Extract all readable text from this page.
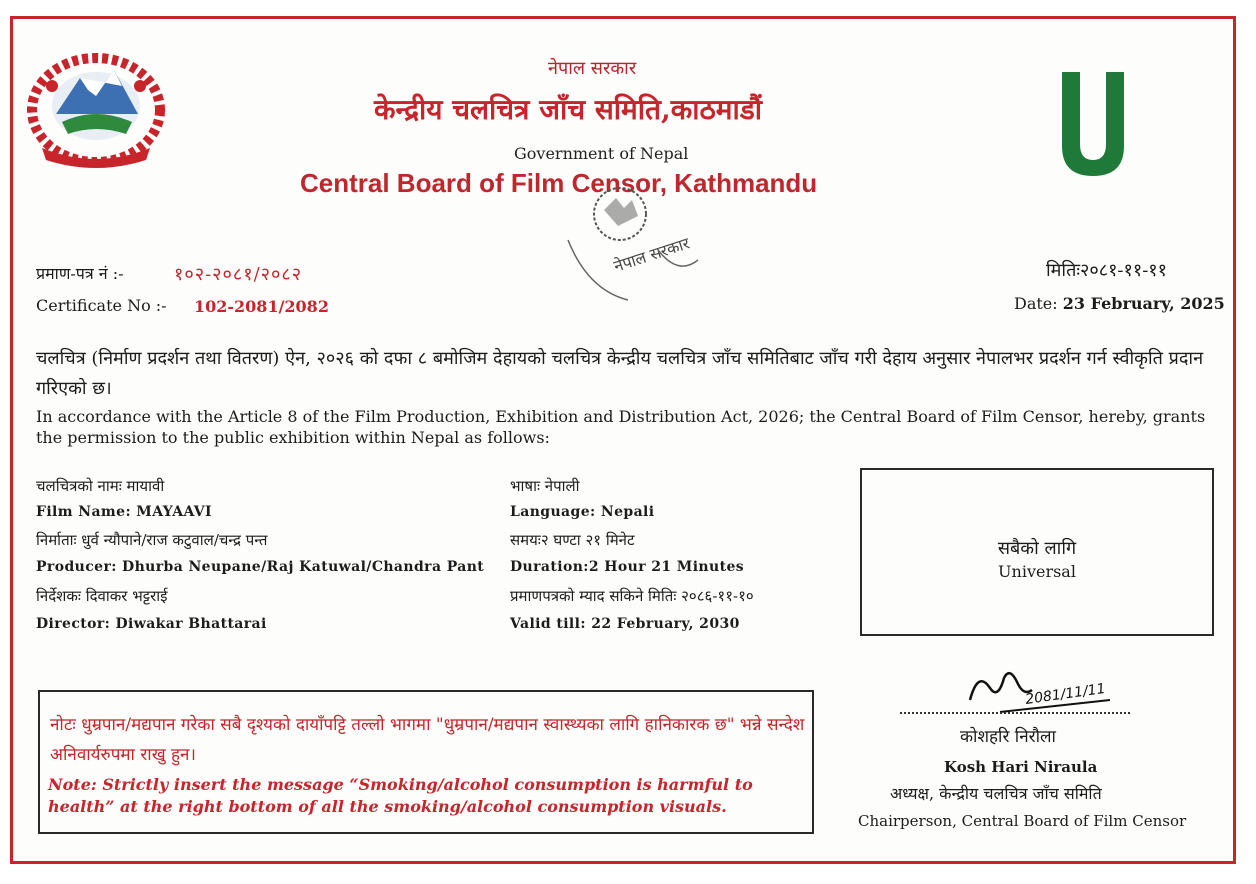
नेपाल सरकार
केन्द्रीय चलचित्र जाँच समिति,काठमाडौं
Government of Nepal
Central Board of Film Censor, Kathmandu
नेपाल सरकार
प्रमाण-पत्र नं :-	१०२-२०८१/२०८२
Certificate No :- 102-2081/2082
मितिः२०८१-११-११
Date: 23 February, 2025
चलचित्र (निर्माण प्रदर्शन तथा वितरण) ऐन, २०२६ को दफा ८ बमोजिम देहायको चलचित्र केन्द्रीय चलचित्र जाँच समितिबाट जाँच गरी देहाय अनुसार नेपालभर प्रदर्शन गर्न स्वीकृति प्रदान गरिएको छ।
In accordance with the Article 8 of the Film Production, Exhibition and Distribution Act, 2026; the Central Board of Film Censor, hereby, grants the permission to the public exhibition within Nepal as follows:
चलचित्रको नामः मायावी
Film Name: MAYAAVI
निर्माताः धुर्व न्यौपाने/राज कटुवाल/चन्द्र पन्त
Producer: Dhurba Neupane/Raj Katuwal/Chandra Pant
निर्देशकः दिवाकर भट्टराई
Director: Diwakar Bhattarai
भाषाः नेपाली
Language: Nepali
समयः२ घण्टा २१ मिनेट
Duration:2 Hour 21 Minutes
प्रमाणपत्रको म्याद सकिने मितिः २०८६-११-१०
Valid till: 22 February, 2030
सबैको लागि
Universal
नोटः धुम्रपान/मद्यपान गरेका सबै दृश्यको दायाँपट्टि तल्लो भागमा "धुम्रपान/मद्यपान स्वास्थ्यका लागि हानिकारक छ" भन्ने सन्देश अनिवार्यरुपमा राखु हुन।
Note: Strictly insert the message “Smoking/alcohol consumption is harmful to health” at the right bottom of all the smoking/alcohol consumption visuals.
2081/11/11
कोशहरि निरौला
Kosh Hari Niraula
अध्यक्ष, केन्द्रीय चलचित्र जाँच समिति
Chairperson, Central Board of Film Censor
